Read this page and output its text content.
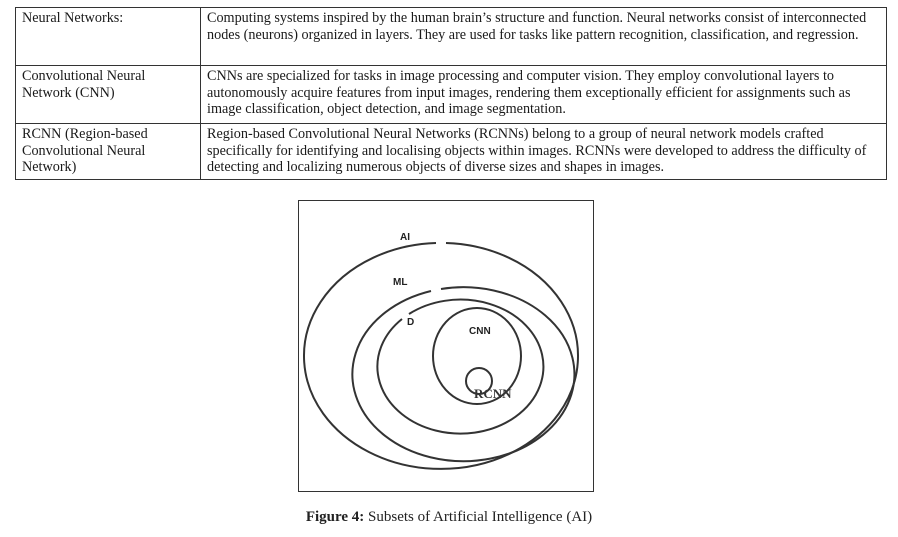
Neural Networks:	Computing systems inspired by the human brain’s structure and function. Neural networks consist of interconnected nodes (neurons) organized in layers. They are used for tasks like pattern recognition, classification, and regression.
Convolutional Neural Network (CNN)	CNNs are specialized for tasks in image processing and computer vision. They employ convolutional layers to autonomously acquire features from input images, rendering them exceptionally efficient for assignments such as image classification, object detection, and image segmentation.
RCNN (Region-based Convolutional Neural Network)	Region-based Convolutional Neural Networks (RCNNs) belong to a group of neural network models crafted specifically for identifying and localising objects within images. RCNNs were developed to address the difficulty of detecting and localizing numerous objects of diverse sizes and shapes in images.
AI
ML
D
CNN
RCNN
Figure 4: Subsets of Artificial Intelligence (AI)
